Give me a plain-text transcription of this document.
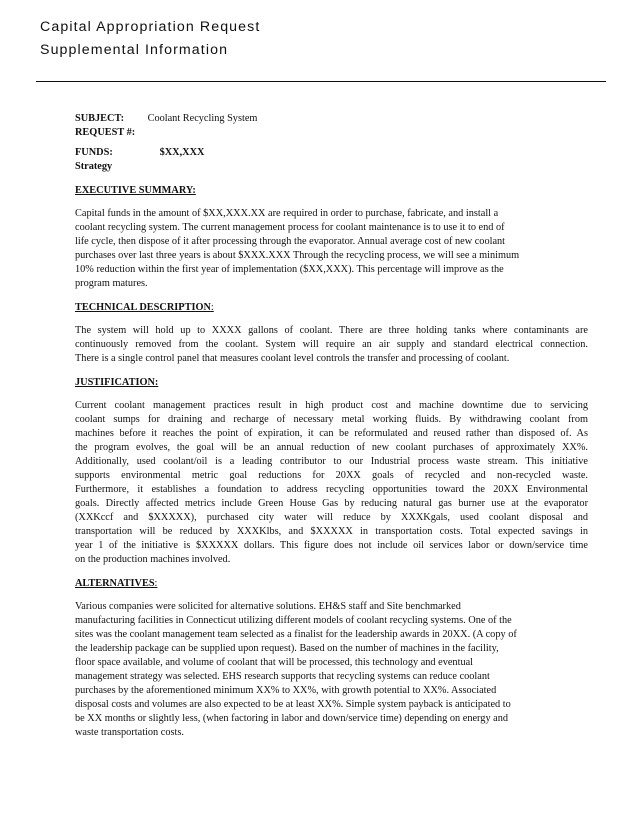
Capital Appropriation Request
Supplemental Information
SUBJECT: Coolant Recycling System
REQUEST #:
FUNDS:	$XX,XXX
Strategy
EXECUTIVE SUMMARY:
Capital funds in the amount of $XX,XXX.XX are required in order to purchase, fabricate, and install a
coolant recycling system. The current management process for coolant maintenance is to use it to end of
life cycle, then dispose of it after processing through the evaporator. Annual average cost of new coolant
purchases over last three years is about $XXX.XXX Through the recycling process, we will see a minimum
10% reduction within the first year of implementation ($XX,XXX). This percentage will improve as the
program matures.
TECHNICAL DESCRIPTION:
The system will hold up to XXXX gallons of coolant. There are three holding tanks where contaminants are
continuously removed from the coolant. System will require an air supply and standard electrical connection.
There is a single control panel that measures coolant level controls the transfer and processing of coolant.
JUSTIFICATION:
Current coolant management practices result in high product cost and machine downtime due to servicing
coolant sumps for draining and recharge of necessary metal working fluids. By withdrawing coolant from
machines before it reaches the point of expiration, it can be reformulated and reused rather than disposed of. As
the program evolves, the goal will be an annual reduction of new coolant purchases of approximately XX%.
Additionally, used coolant/oil is a leading contributor to our Industrial process waste stream. This initiative
supports environmental metric goal reductions for 20XX goals of recycled and non-recycled waste.
Furthermore, it establishes a foundation to address recycling opportunities toward the 20XX Environmental
goals. Directly affected metrics include Green House Gas by reducing natural gas burner use at the evaporator
(XXKccf and $XXXXX), purchased city water will reduce by XXXKgals, used coolant disposal and
transportation will be reduced by XXXKlbs, and $XXXXX in transportation costs. Total expected savings in
year 1 of the initiative is $XXXXX dollars. This figure does not include oil services labor or down/service time
on the production machines involved.
ALTERNATIVES:
Various companies were solicited for alternative solutions. EH&S staff and Site benchmarked
manufacturing facilities in Connecticut utilizing different models of coolant recycling systems. One of the
sites was the coolant management team selected as a finalist for the leadership awards in 20XX. (A copy of
the leadership package can be supplied upon request). Based on the number of machines in the facility,
floor space available, and volume of coolant that will be processed, this technology and eventual
management strategy was selected. EHS research supports that recycling systems can reduce coolant
purchases by the aforementioned minimum XX% to XX%, with growth potential to XX%. Associated
disposal costs and volumes are also expected to be at least XX%. Simple system payback is anticipated to
be XX months or slightly less, (when factoring in labor and down/service time) depending on energy and
waste transportation costs.
